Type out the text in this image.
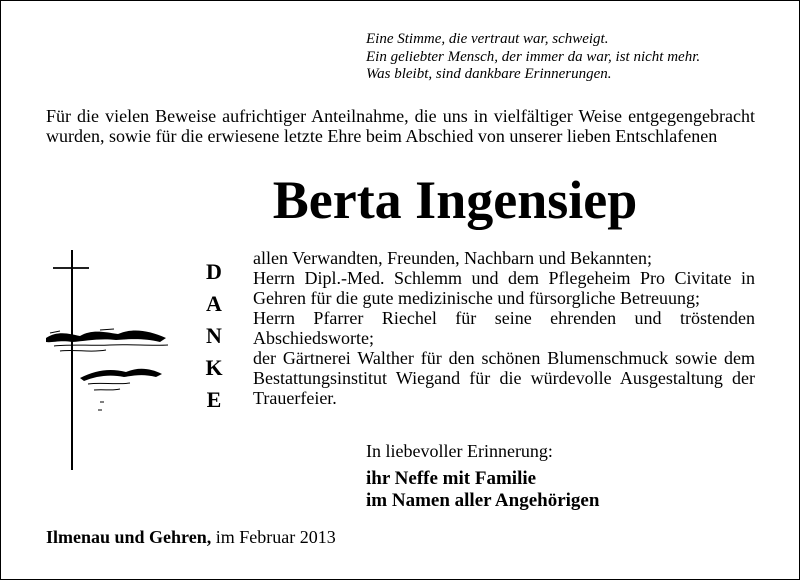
Eine Stimme, die vertraut war, schweigt.
Ein geliebter Mensch, der immer da war, ist nicht mehr.
Was bleibt, sind dankbare Erinnerungen.
Für die vielen Beweise aufrichtiger Anteilnahme, die uns in vielfältiger Weise entgegengebracht wurden, sowie für die erwiesene letzte Ehre beim Abschied von unserer lieben Entschlafenen
Berta Ingensiep
D
A
N
K
E
allen Verwandten, Freunden, Nachbarn und Bekannten;
Herrn Dipl.-Med. Schlemm und dem Pflegeheim Pro Civitate in Gehren für die gute medizinische und fürsorgliche Betreuung;
Herrn Pfarrer Riechel für seine ehrenden und tröstenden Abschiedsworte;
der Gärtnerei Walther für den schönen Blumenschmuck sowie dem Bestattungsinstitut Wiegand für die würdevolle Ausgestaltung der Trauerfeier.
In liebevoller Erinnerung:
ihr Neffe mit Familie
im Namen aller Angehörigen
Ilmenau und Gehren, im Februar 2013
